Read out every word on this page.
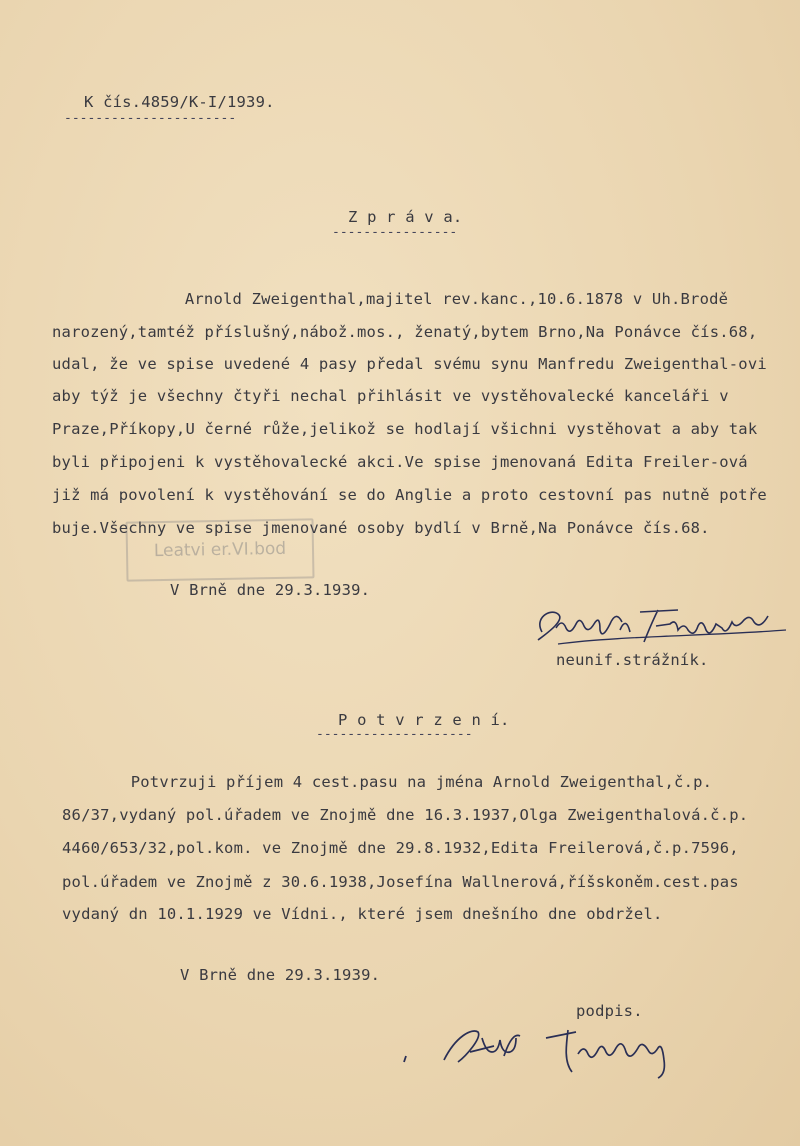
K čís.4859/K-I/1939.
----------------------
Z p r á v a.
----------------
Arnold Zweigenthal,majitel rev.kanc.,10.6.1878 v Uh.Brodě
narozený,tamtéž příslušný,nábož.mos., ženatý,bytem Brno,Na Ponávce čís.68,
udal, že ve spise uvedené 4 pasy předal svému synu Manfredu Zweigenthal-ovi
aby týž je všechny čtyři nechal přihlásit ve vystěhovalecké kanceláři v
Praze,Příkopy,U černé růže,jelikož se hodlají všichni vystěhovat a aby tak
byli připojeni k vystěhovalecké akci.Ve spise jmenovaná Edita Freiler-ová
již má povolení k vystěhování se do Anglie a proto cestovní pas nutně potře
buje.Všechny ve spise jmenované osoby bydlí v Brně,Na Ponávce čís.68.
Leatvi er.VI.bod
V Brně dne 29.3.1939.
neunif.strážník.
P o t v r z e n í.
--------------------
Potvrzuji příjem 4 cest.pasu na jména Arnold Zweigenthal,č.p.
86/37,vydaný pol.úřadem ve Znojmě dne 16.3.1937,Olga Zweigenthalová.č.p.
4460/653/32,pol.kom. ve Znojmě dne 29.8.1932,Edita Freilerová,č.p.7596,
pol.úřadem ve Znojmě z 30.6.1938,Josefína Wallnerová,říšskoněm.cest.pas
vydaný dn 10.1.1929 ve Vídni., které jsem dnešního dne obdržel.
V Brně dne 29.3.1939.
podpis.
